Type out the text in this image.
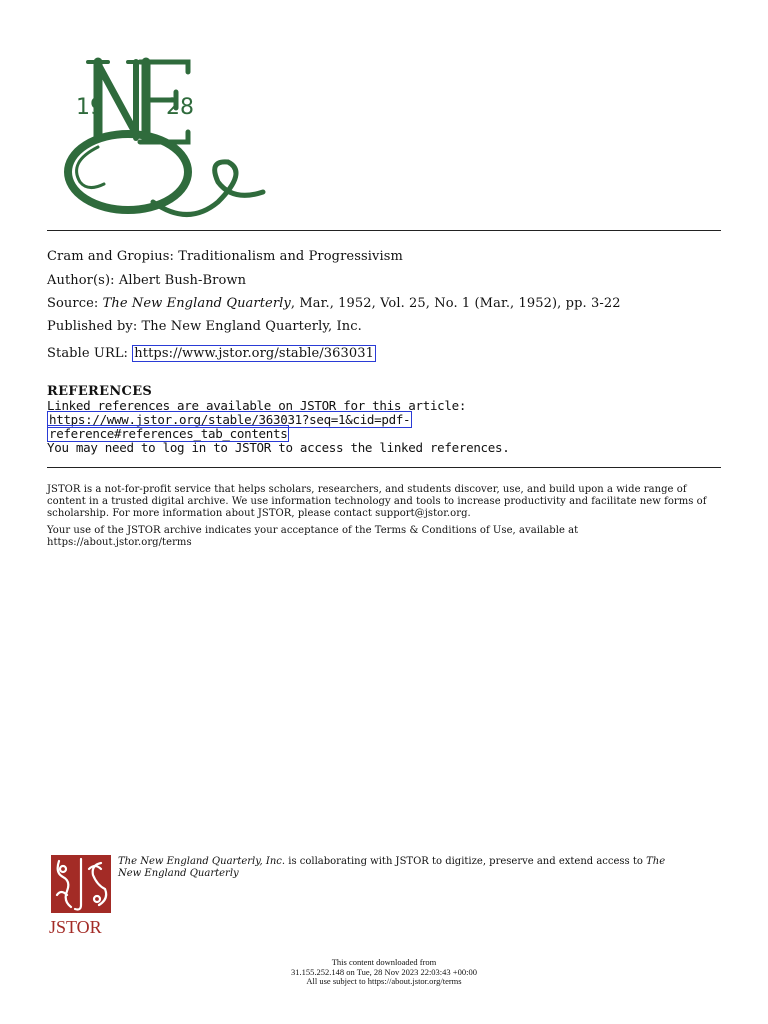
19	28
Cram and Gropius: Traditionalism and Progressivism
Author(s): Albert Bush-Brown
Source: The New England Quarterly, Mar., 1952, Vol. 25, No. 1 (Mar., 1952), pp. 3-22
Published by: The New England Quarterly, Inc.
Stable URL: https://www.jstor.org/stable/363031
REFERENCES
Linked references are available on JSTOR for this article:
https://www.jstor.org/stable/363031?seq=1&cid=pdf-
reference#references_tab_contents
You may need to log in to JSTOR to access the linked references.
JSTOR is a not-for-profit service that helps scholars, researchers, and students discover, use, and build upon a wide range of content in a trusted digital archive. We use information technology and tools to increase productivity and facilitate new forms of scholarship. For more information about JSTOR, please contact support@jstor.org.
Your use of the JSTOR archive indicates your acceptance of the Terms & Conditions of Use, available at https://about.jstor.org/terms
JSTOR
The New England Quarterly, Inc. is collaborating with JSTOR to digitize, preserve and extend access to The New England Quarterly
This content downloaded from
31.155.252.148 on Tue, 28 Nov 2023 22:03:43 +00:00
All use subject to https://about.jstor.org/terms
